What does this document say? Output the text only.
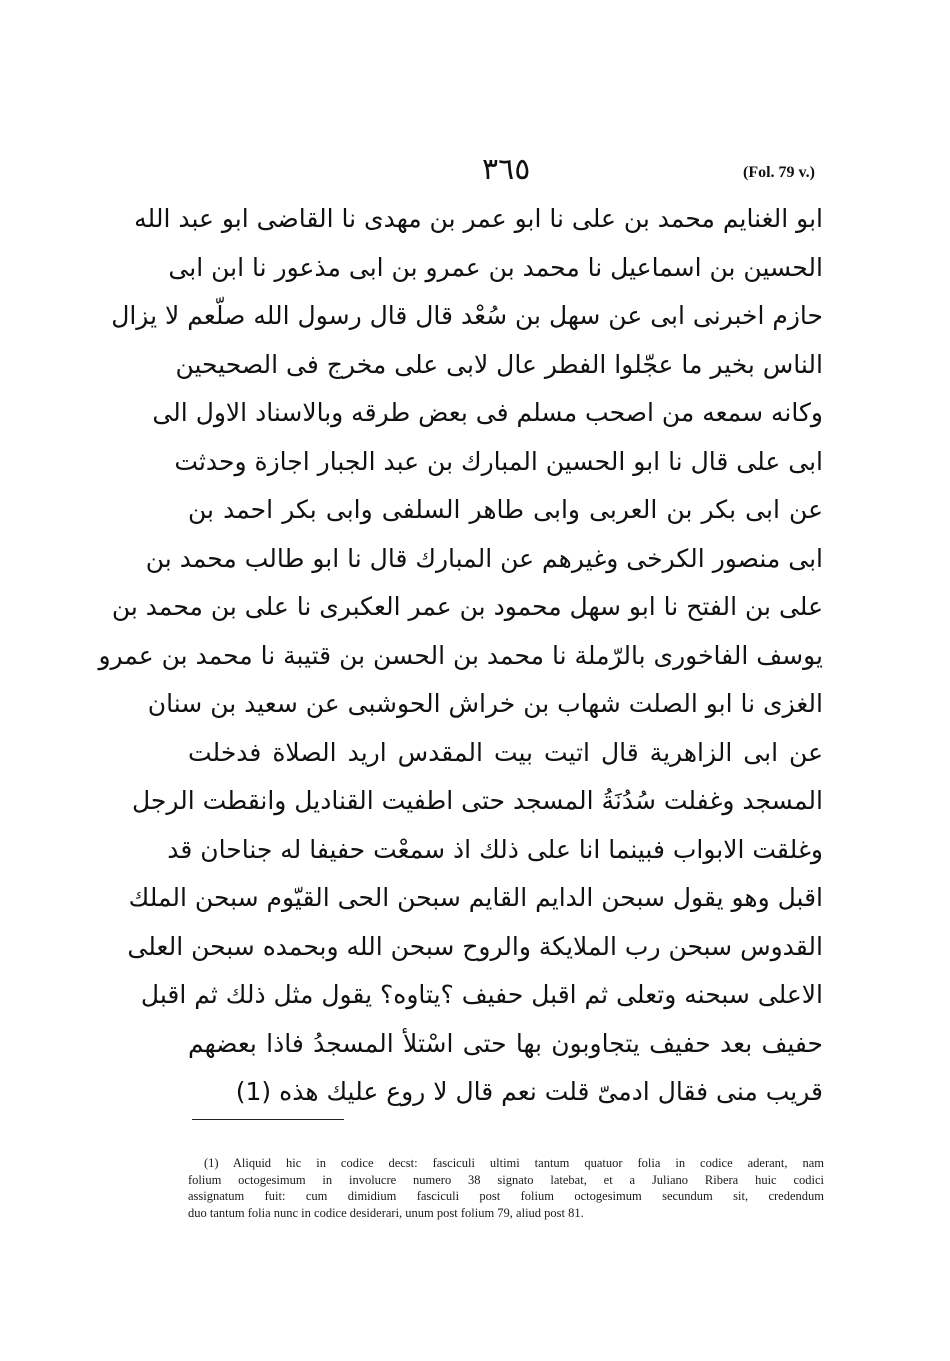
٣٦٥	(Fol. 79 v.)
ابو الغنايم محمد بن على نا ابو عمر بن مهدى نا القاضى ابو عبد الله
الحسين بن اسماعيل نا محمد بن عمرو بن ابى مذعور نا ابن ابى
حازم اخبرنى ابى عن سهل بن سُعْد قال قال رسول الله صلّعم لا يزال
الناس بخير ما عجّلوا الفطر عال لابى على مخرج فى الصحيحين
وكانه سمعه من اصحب مسلم فى بعض طرقه وبالاسناد الاول الى
ابى على قال نا ابو الحسين المبارك بن عبد الجبار اجازة وحدثت
عن ابى بكر بن العربى وابى طاهر السلفى وابى بكر احمد بن
ابى منصور الكرخى وغيرهم عن المبارك قال نا ابو طالب محمد بن
على بن الفتح نا ابو سهل محمود بن عمر العكبرى نا على بن محمد بن
يوسف الفاخورى بالرّملة نا محمد بن الحسن بن قتيبة نا محمد بن عمرو
الغزى نا ابو الصلت شهاب بن خراش الحوشبى عن سعيد بن سنان
عن ابى الزاهرية قال اتيت بيت المقدس اريد الصلاة فدخلت
المسجد وغفلت سُدُنَةُ المسجد حتى اطفيت القناديل وانقطت الرجل
وغلقت الابواب فبينما انا على ذلك اذ سمعْت حفيفا له جناحان قد
اقبل وهو يقول سبحن الدايم القايم سبحن الحى القيّوم سبحن الملك
القدوس سبحن رب الملايكة والروح سبحن الله وبحمده سبحن العلى
الاعلى سبحنه وتعلى ثم اقبل حفيف ؟يتاوه؟ يقول مثل ذلك ثم اقبل
حفيف بعد حفيف يتجاوبون بها حتى اسْتلأ المسجدُ فاذا بعضهم
قريب منى فقال ادمىّ قلت نعم قال لا روع عليك هذه (1)
(1) Aliquid hic in codice decst: fasciculi ultimi tantum quatuor folia in codice aderant, nam
folium octogesimum in involucre numero 38 signato latebat, et a Juliano Ribera huic codici
assignatum fuit: cum dimidium fasciculi post folium octogesimum secundum sit, credendum
duo tantum folia nunc in codice desiderari, unum post folium 79, aliud post 81.
